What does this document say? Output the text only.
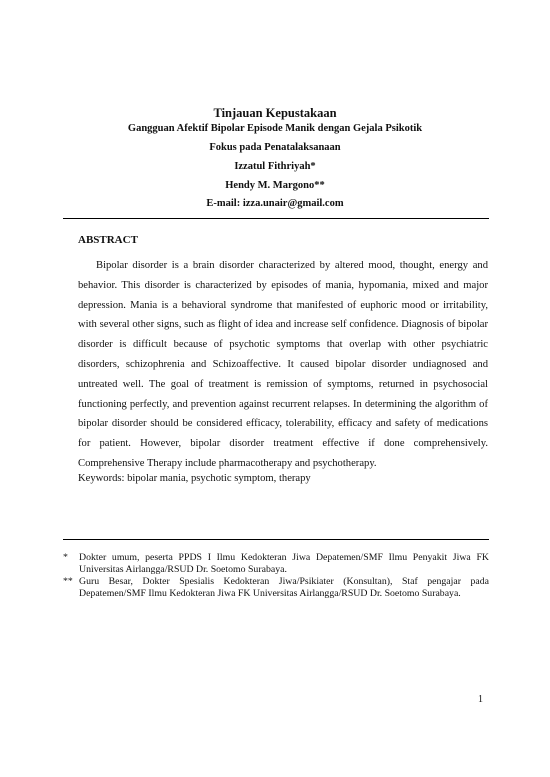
Tinjauan Kepustakaan
Gangguan Afektif Bipolar Episode Manik dengan Gejala Psikotik
Fokus pada Penatalaksanaan
Izzatul Fithriyah*
Hendy M. Margono**
E-mail: izza.unair@gmail.com
ABSTRACT
Bipolar disorder is a brain disorder characterized by altered mood, thought, energy and behavior. This disorder is characterized by episodes of mania, hypomania, mixed and major depression. Mania is a behavioral syndrome that manifested of euphoric mood or irritability, with several other signs, such as flight of idea and increase self confidence. Diagnosis of bipolar disorder is difficult because of psychotic symptoms that overlap with other psychiatric disorders, schizophrenia and Schizoaffective. It caused bipolar disorder undiagnosed and untreated well. The goal of treatment is remission of symptoms, returned in psychosocial functioning perfectly, and prevention against recurrent relapses. In determining the algorithm of bipolar disorder should be considered efficacy, tolerability, efficacy and safety of medications for patient. However, bipolar disorder treatment effective if done comprehensively. Comprehensive Therapy include pharmacotherapy and psychotherapy.
Keywords: bipolar mania, psychotic symptom, therapy
*	Dokter umum, peserta PPDS I Ilmu Kedokteran Jiwa Depatemen/SMF Ilmu Penyakit Jiwa FK Universitas Airlangga/RSUD Dr. Soetomo Surabaya.
** Guru Besar, Dokter Spesialis Kedokteran Jiwa/Psikiater (Konsultan), Staf pengajar pada Depatemen/SMF Ilmu Kedokteran Jiwa FK Universitas Airlangga/RSUD Dr. Soetomo Surabaya.
1
